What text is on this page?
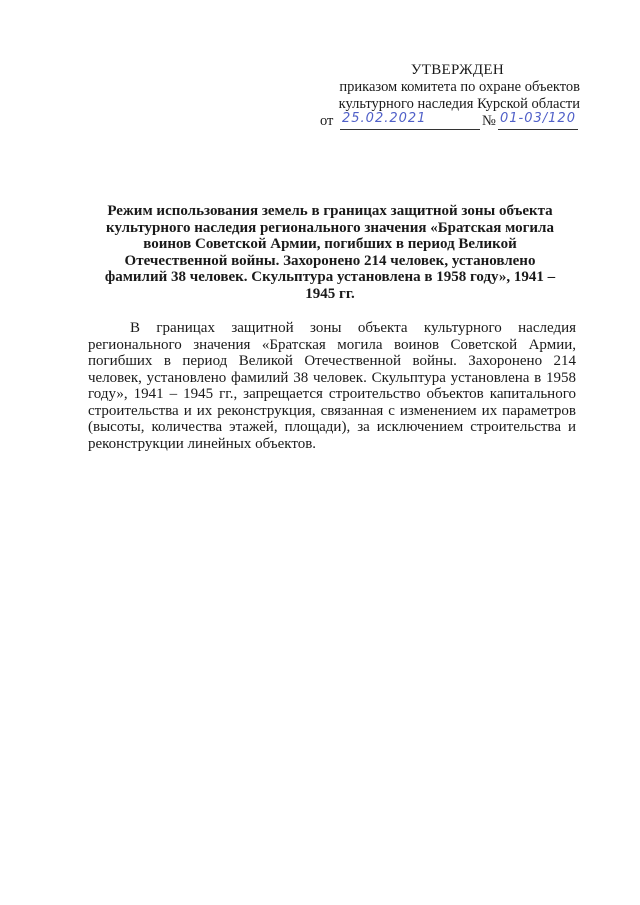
УТВЕРЖДЕН
приказом комитета по охране объектов
культурного наследия Курской области
от 25.02.2021	№ 01-03/120
Режим использования земель в границах защитной зоны объекта культурного наследия регионального значения «Братская могила воинов Советской Армии, погибших в период Великой Отечественной войны. Захоронено 214 человек, установлено фамилий 38 человек. Скульптура установлена в 1958 году», 1941 – 1945 гг.
В границах защитной зоны объекта культурного наследия регионального значения «Братская могила воинов Советской Армии, погибших в период Великой Отечественной войны. Захоронено 214 человек, установлено фамилий 38 человек. Скульптура установлена в 1958 году», 1941 – 1945 гг., запрещается строительство объектов капитального строительства и их реконструкция, связанная с изменением их параметров (высоты, количества этажей, площади), за исключением строительства и реконструкции линейных объектов.
